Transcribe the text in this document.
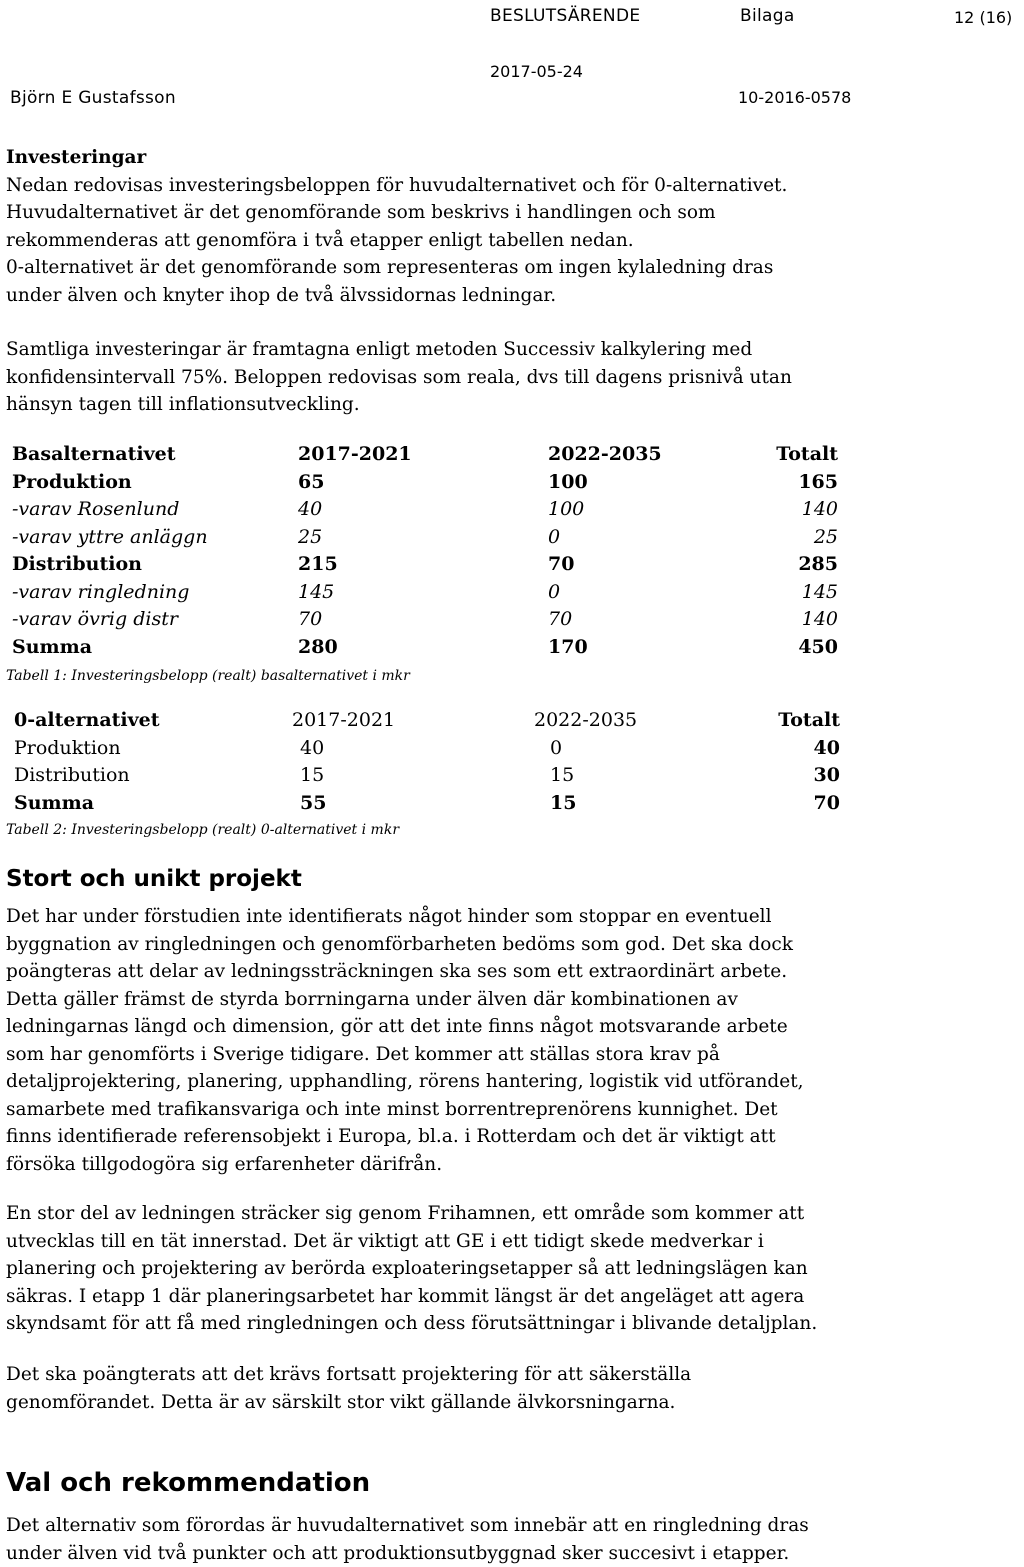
BESLUTSÄRENDE	Bilaga	12 (16)
2017-05-24
Björn E Gustafsson	10-2016-0578

Investeringar

Nedan redovisas investeringsbeloppen för huvudalternativet och för 0-alternativet.
Huvudalternativet är det genomförande som beskrivs i handlingen och som
rekommenderas att genomföra i två etapper enligt tabellen nedan.
0-alternativet är det genomförande som representeras om ingen kylaledning dras
under älven och knyter ihop de två älvssidornas ledningar.

Samtliga investeringar är framtagna enligt metoden Successiv kalkylering med
konfidensintervall 75%. Beloppen redovisas som reala, dvs till dagens prisnivå utan
hänsyn tagen till inflationsutveckling.

Basalternativet	2017-2021	2022-2035	Totalt
Produktion	65	100	165
-varav Rosenlund	40	100	140
-varav yttre anläggn	25	0	25
Distribution	215	70	285
-varav ringledning	145	0	145
-varav övrig distr	70	70	140
Summa	280	170	450
Tabell 1: Investeringsbelopp (realt) basalternativet i mkr
0-alternativet	2017-2021	2022-2035	Totalt
Produktion	40	0	40
Distribution	15	15	30
Summa	55	15	70
Tabell 2: Investeringsbelopp (realt) 0-alternativet i mkr
Stort och unikt projekt

Det har under förstudien inte identifierats något hinder som stoppar en eventuell
byggnation av ringledningen och genomförbarheten bedöms som god. Det ska dock
poängteras att delar av ledningssträckningen ska ses som ett extraordinärt arbete.
Detta gäller främst de styrda borrningarna under älven där kombinationen av
ledningarnas längd och dimension, gör att det inte finns något motsvarande arbete
som har genomförts i Sverige tidigare. Det kommer att ställas stora krav på
detaljprojektering, planering, upphandling, rörens hantering, logistik vid utförandet,
samarbete med trafikansvariga och inte minst borrentreprenörens kunnighet. Det
finns identifierade referensobjekt i Europa, bl.a. i Rotterdam och det är viktigt att
försöka tillgodogöra sig erfarenheter därifrån.

En stor del av ledningen sträcker sig genom Frihamnen, ett område som kommer att
utvecklas till en tät innerstad. Det är viktigt att GE i ett tidigt skede medverkar i
planering och projektering av berörda exploateringsetapper så att ledningslägen kan
säkras. I etapp 1 där planeringsarbetet har kommit längst är det angeläget att agera
skyndsamt för att få med ringledningen och dess förutsättningar i blivande detaljplan.

Det ska poängterats att det krävs fortsatt projektering för att säkerställa
genomförandet. Detta är av särskilt stor vikt gällande älvkorsningarna.

Val och rekommendation

Det alternativ som förordas är huvudalternativet som innebär att en ringledning dras
under älven vid två punkter och att produktionsutbyggnad sker succesivt i etapper.
